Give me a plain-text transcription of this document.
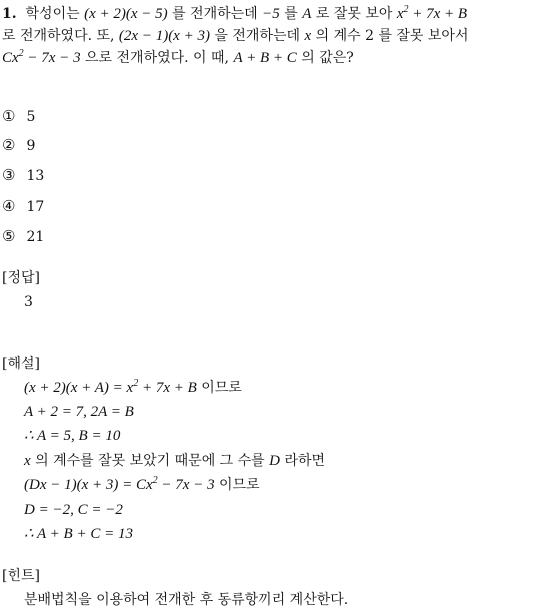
1. 학성이는 (x + 2)(x − 5) 를 전개하는데 −5 를 A 로 잘못 보아 $x^2 + 7x + B$
로 전개하였다. 또, (2x − 1)(x + 3) 을 전개하는데 x 의 계수 2 를 잘못 보아서
$Cx^2 - 7x - 3$ 으로 전개하였다. 이 때, A + B + C 의 값은?
① 5
② 9
③ 13
④ 17
⑤ 21
[정답]
3
[해설]
$(x + 2)(x + A) = x^2 + 7x + B$ 이므로
A + 2 = 7, 2A = B
∴ A = 5, B = 10
x 의 계수를 잘못 보았기 때문에 그 수를 D 라하면
$(Dx - 1)(x + 3) = Cx^2 - 7x - 3$ 이므로
D = −2, C = −2
∴ A + B + C = 13
[힌트]
분배법칙을 이용하여 전개한 후 동류항끼리 계산한다.
